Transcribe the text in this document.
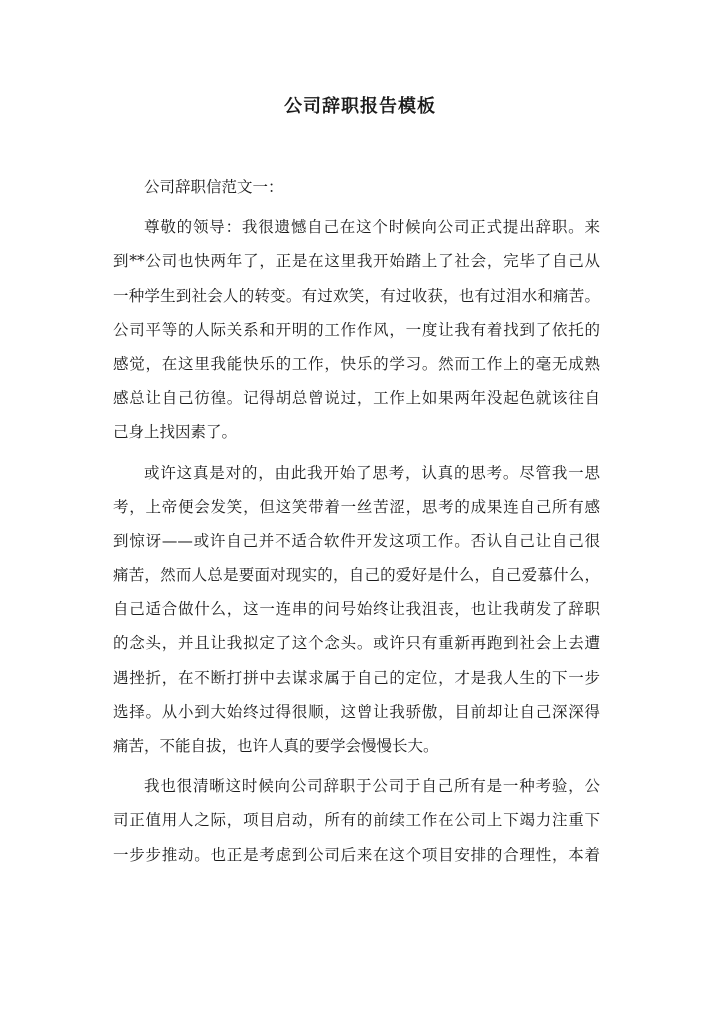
公司辞职报告模板
公司辞职信范文一：
尊敬的领导：我很遗憾自己在这个时候向公司正式提出辞职。来
到**公司也快两年了，正是在这里我开始踏上了社会，完毕了自己从
一种学生到社会人的转变。有过欢笑，有过收获，也有过泪水和痛苦。
公司平等的人际关系和开明的工作作风，一度让我有着找到了依托的
感觉，在这里我能快乐的工作，快乐的学习。然而工作上的毫无成熟
感总让自己彷徨。记得胡总曾说过，工作上如果两年没起色就该往自
己身上找因素了。
或许这真是对的，由此我开始了思考，认真的思考。尽管我一思
考，上帝便会发笑，但这笑带着一丝苦涩，思考的成果连自己所有感
到惊讶——或许自己并不适合软件开发这项工作。否认自己让自己很
痛苦，然而人总是要面对现实的，自己的爱好是什么，自己爱慕什么，
自己适合做什么，这一连串的问号始终让我沮丧，也让我萌发了辞职
的念头，并且让我拟定了这个念头。或许只有重新再跑到社会上去遭
遇挫折，在不断打拼中去谋求属于自己的定位，才是我人生的下一步
选择。从小到大始终过得很顺，这曾让我骄傲，目前却让自己深深得
痛苦，不能自拔，也许人真的要学会慢慢长大。
我也很清晰这时候向公司辞职于公司于自己所有是一种考验，公
司正值用人之际，项目启动，所有的前续工作在公司上下竭力注重下
一步步推动。也正是考虑到公司后来在这个项目安排的合理性，本着
